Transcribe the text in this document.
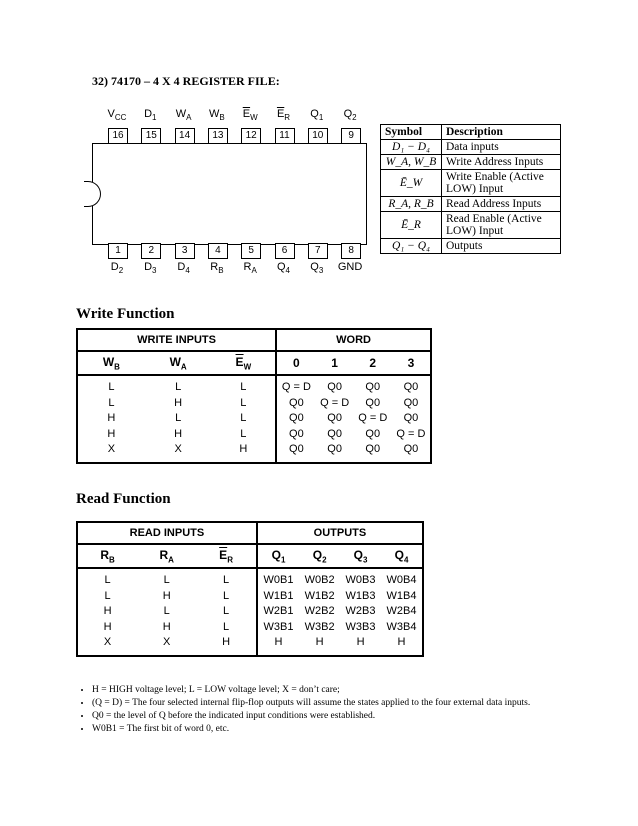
32) 74170 – 4 X 4 REGISTER FILE:
Symbol	Description
D₁ − D₄	Data inputs
W_A, W_B	Write Address Inputs
Ē_W	Write Enable (Active LOW) Input
R_A, R_B	Read Address Inputs
Ē_R	Read Enable (Active LOW) Input
Q₁ − Q₄	Outputs
Write Function
WRITE INPUTS			WORD			
$W_B$	$W_A$	$\overline{E}_W$	0	1	2	3
L	L	L	Q = D	Q0	Q0	Q0
L	H	L	Q0	Q = D	Q0	Q0
H	L	L	Q0	Q0	Q = D	Q0
H	H	L	Q0	Q0	Q0	Q = D
X	X	H	Q0	Q0	Q0	Q0
Read Function
READ INPUTS			OUTPUTS			
$R_B$	$R_A$	$\overline{E}_R$	$Q_1$	$Q_2$	$Q_3$	$Q_4$
L	L	L	W0B1	W0B2	W0B3	W0B4
L	H	L	W1B1	W1B2	W1B3	W1B4
H	L	L	W2B1	W2B2	W2B3	W2B4
H	H	L	W3B1	W3B2	W3B3	W3B4
X	X	H	H	H	H	H
• H = HIGH voltage level; L = LOW voltage level; X = don’t care;
• (Q = D) = The four selected internal flip-flop outputs will assume the states applied to the four external data inputs.
• Q0 = the level of Q before the indicated input conditions were established.
• W0B1 = The first bit of word 0, etc.
16
$V_{CC}$
15
$D_1$
14
$W_A$
13
$W_B$
12
$\overline{E}_W$
11
$\overline{E}_R$
10
$Q_1$
9
$Q_2$
1
$D_2$
2
$D_3$
3
$D_4$
4
$R_B$
5
$R_A$
6
$Q_4$
7
$Q_3$
8
GND
